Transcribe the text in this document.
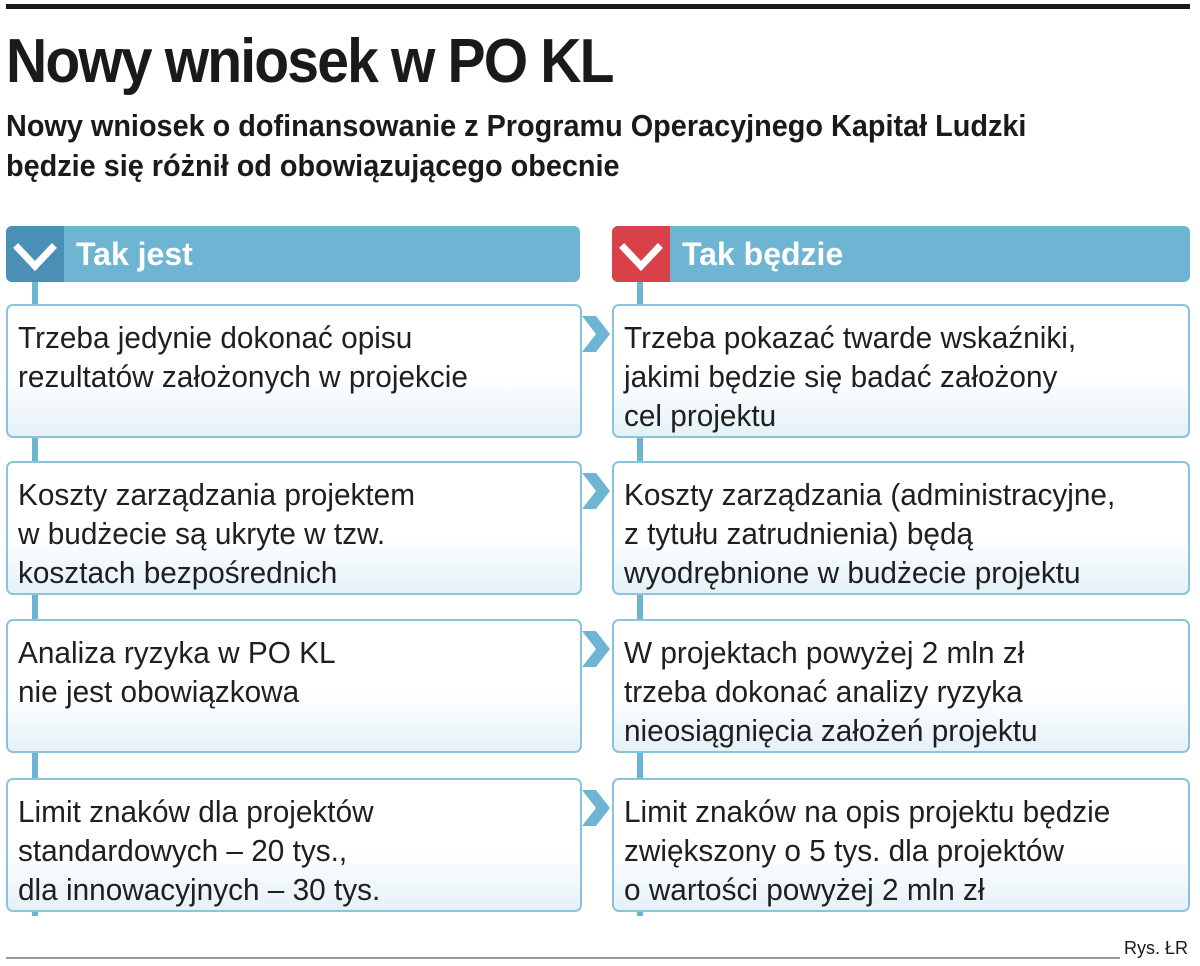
Nowy wniosek w PO KL
Nowy wniosek o dofinansowanie z Programu Operacyjnego Kapitał Ludzki będzie się różnił od obowiązującego obecnie
Tak jest	Tak będzie
Trzeba jedynie dokonać opisu
rezultatów założonych w projekcie
Trzeba pokazać twarde wskaźniki,
jakimi będzie się badać założony
cel projektu
Koszty zarządzania projektem
w budżecie są ukryte w tzw.
kosztach bezpośrednich
Koszty zarządzania (administracyjne,
z tytułu zatrudnienia) będą
wyodrębnione w budżecie projektu
Analiza ryzyka w PO KL
nie jest obowiązkowa
W projektach powyżej 2 mln zł
trzeba dokonać analizy ryzyka
nieosiągnięcia założeń projektu
Limit znaków dla projektów
standardowych – 20 tys.,
dla innowacyjnych – 30 tys.
Limit znaków na opis projektu będzie
zwiększony o 5 tys. dla projektów
o wartości powyżej 2 mln zł
Rys. ŁR
